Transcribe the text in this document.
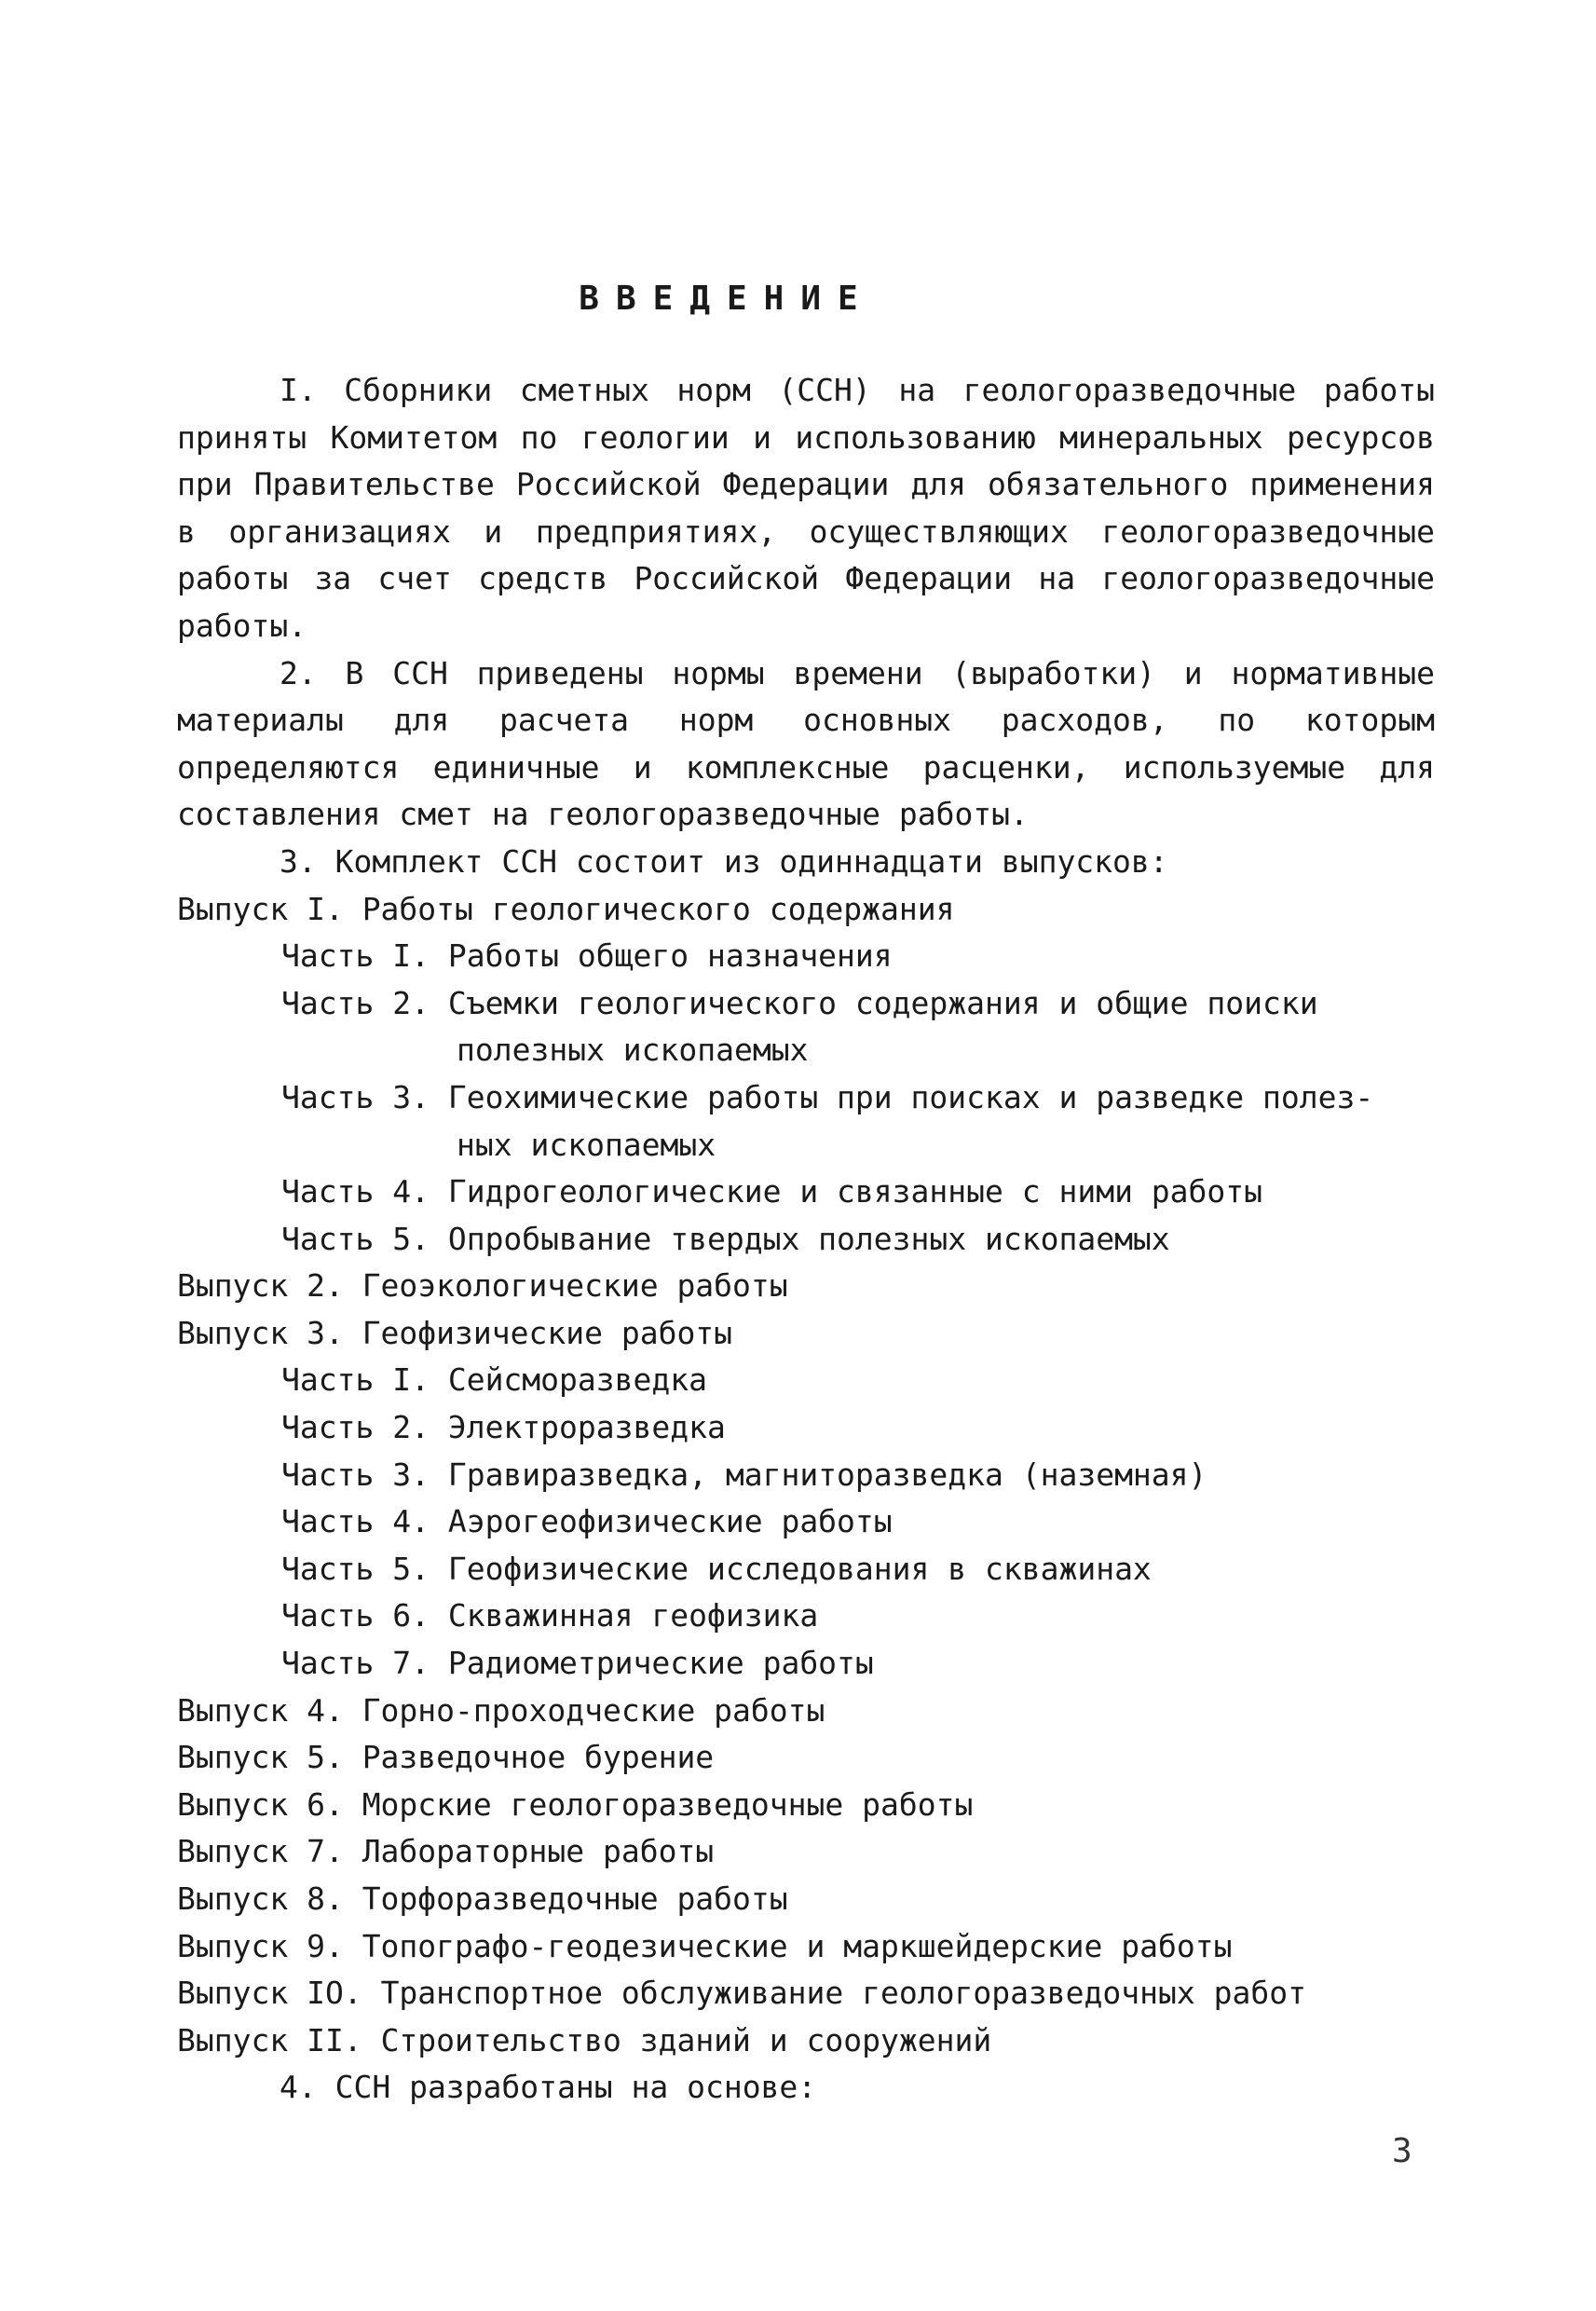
ВВЕДЕНИЕ
I. Сборники сметных норм (ССН) на геологоразведочные работы приняты Комитетом по геологии и использованию минеральных ресурсов при Правительстве Российской Федерации для обязательного применения в организациях и предприятиях, осуществляющих геологоразведочные работы за счет средств Российской Федерации на геологоразведочные работы.
2. В ССН приведены нормы времени (выработки) и нормативные материалы для расчета норм основных расходов, по которым определяются единичные и комплексные расценки, используемые для составления смет на геологоразведочные работы.
3. Комплект ССН состоит из одиннадцати выпусков:
Выпуск I. Работы геологического содержания
Часть I. Работы общего назначения
Часть 2. Съемки геологического содержания и общие поиски
полезных ископаемых
Часть 3. Геохимические работы при поисках и разведке полез-
ных ископаемых
Часть 4. Гидрогеологические и связанные с ними работы
Часть 5. Опробывание твердых полезных ископаемых
Выпуск 2. Геоэкологические работы
Выпуск 3. Геофизические работы
Часть I. Сейсморазведка
Часть 2. Электроразведка
Часть 3. Гравиразведка, магниторазведка (наземная)
Часть 4. Аэрогеофизические работы
Часть 5. Геофизические исследования в скважинах
Часть 6. Скважинная геофизика
Часть 7. Радиометрические работы
Выпуск 4. Горно-проходческие работы
Выпуск 5. Разведочное бурение
Выпуск 6. Морские геологоразведочные работы
Выпуск 7. Лабораторные работы
Выпуск 8. Торфоразведочные работы
Выпуск 9. Топографо-геодезические и маркшейдерские работы
Выпуск IO. Транспортное обслуживание геологоразведочных работ
Выпуск II. Строительство зданий и сооружений
4. ССН разработаны на основе:
3
